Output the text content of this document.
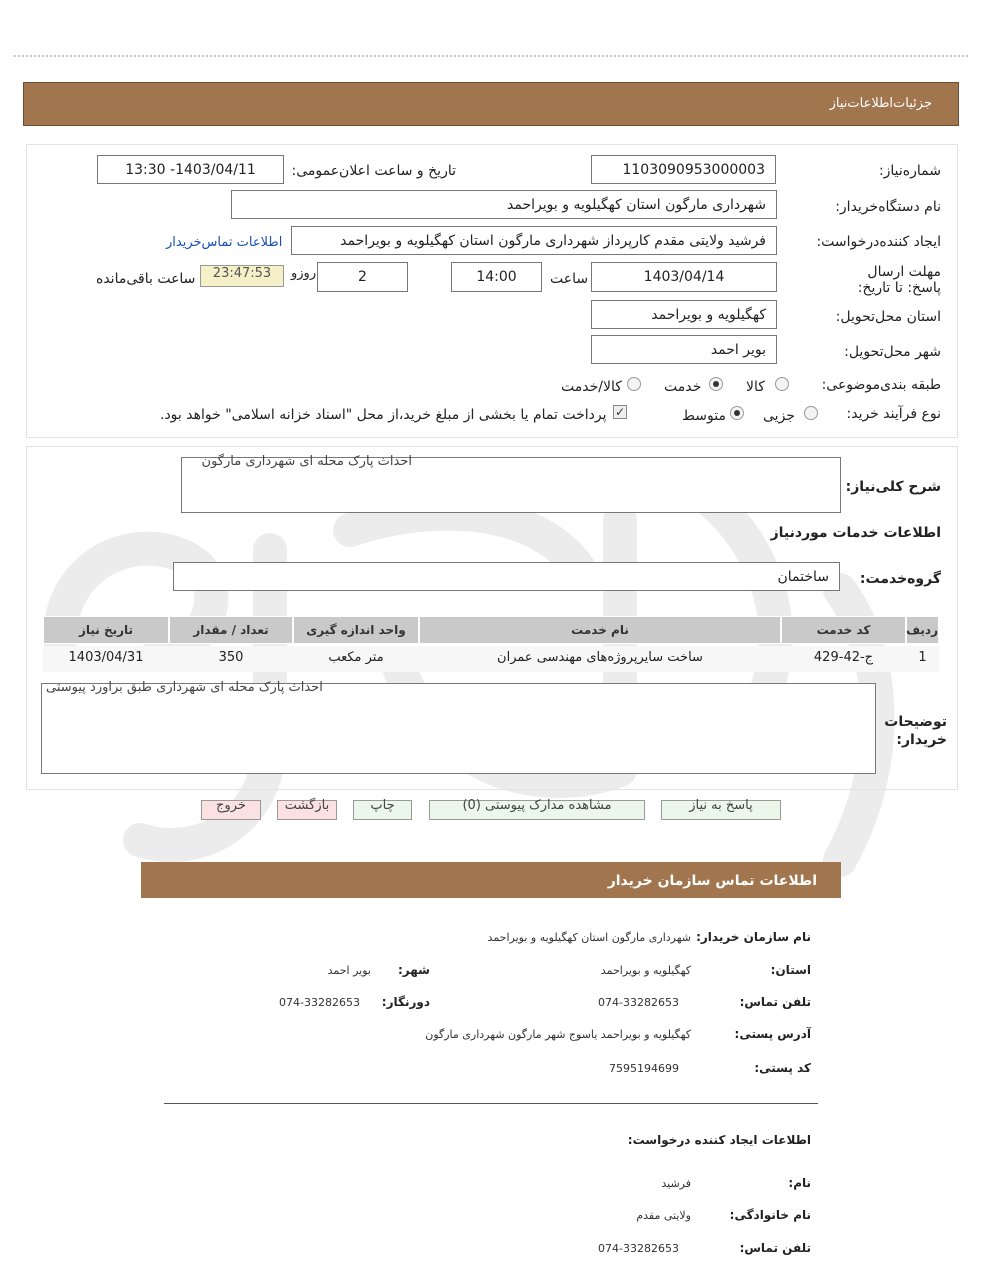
جزئیات‌اطلاعات‌نیاز
شماره‌نیاز:
1103090953000003
تاریخ و ساعت اعلان‌عمومی:
1403/04/11- 13:30
نام دستگاه‌خریدار:
شهرداری مارگون استان کهگیلویه و بویراحمد
ایجاد کننده‌درخواست:
فرشید ولایتی مقدم کارپرداز شهرداری مارگون استان کهگیلویه و بویراحمد
اطلاعات تماس‌خریدار
مهلت ارسال پاسخ: تا تاریخ:
1403/04/14
ساعت
14:00
2
روزو
23:47:53
ساعت باقی‌مانده
استان محل‌تحویل:
کهگیلویه و بویراحمد
شهر محل‌تحویل:
بویر احمد
طبقه بندی‌موضوعی:
کالا
خدمت
کالا/خدمت
نوع فرآیند خرید:
جزیی
متوسط
✓
پرداخت تمام یا بخشی از مبلغ خرید،از محل "اسناد خزانه اسلامی" خواهد بود.
شرح کلی‌نیاز:
احداث پارک محله ای شهرداری مارگون
اطلاعات خدمات موردنیاز
گروه‌خدمت:
ساختمان
ردیف
کد خدمت
نام خدمت
واحد اندازه گیری
تعداد / مقدار
تاریخ نیاز
1
ج-42-429
ساخت سایرپروژه‌های مهندسی عمران
متر مکعب
350
1403/04/31
توضیحات خریدار:
احداث پارک محله ای شهرداری طبق براورد پیوستی
پاسخ به نیاز
مشاهده مدارک پیوستی (0)
چاپ
بازگشت
خروج
اطلاعات تماس سازمان خریدار
نام سازمان خریدار:
شهرداری مارگون استان کهگیلویه و بویراحمد
استان:
کهگیلویه و بویراحمد
شهر:
بویر احمد
تلفن تماس:
074-33282653
دورنگار:
074-33282653
آدرس پستی:
کهگیلویه و بویراحمد یاسوج شهر مارگون شهرداری مارگون
کد پستی:
7595194699
اطلاعات ایجاد کننده درخواست:
نام:
فرشید
نام خانوادگی:
ولایتی مقدم
تلفن تماس:
074-33282653
